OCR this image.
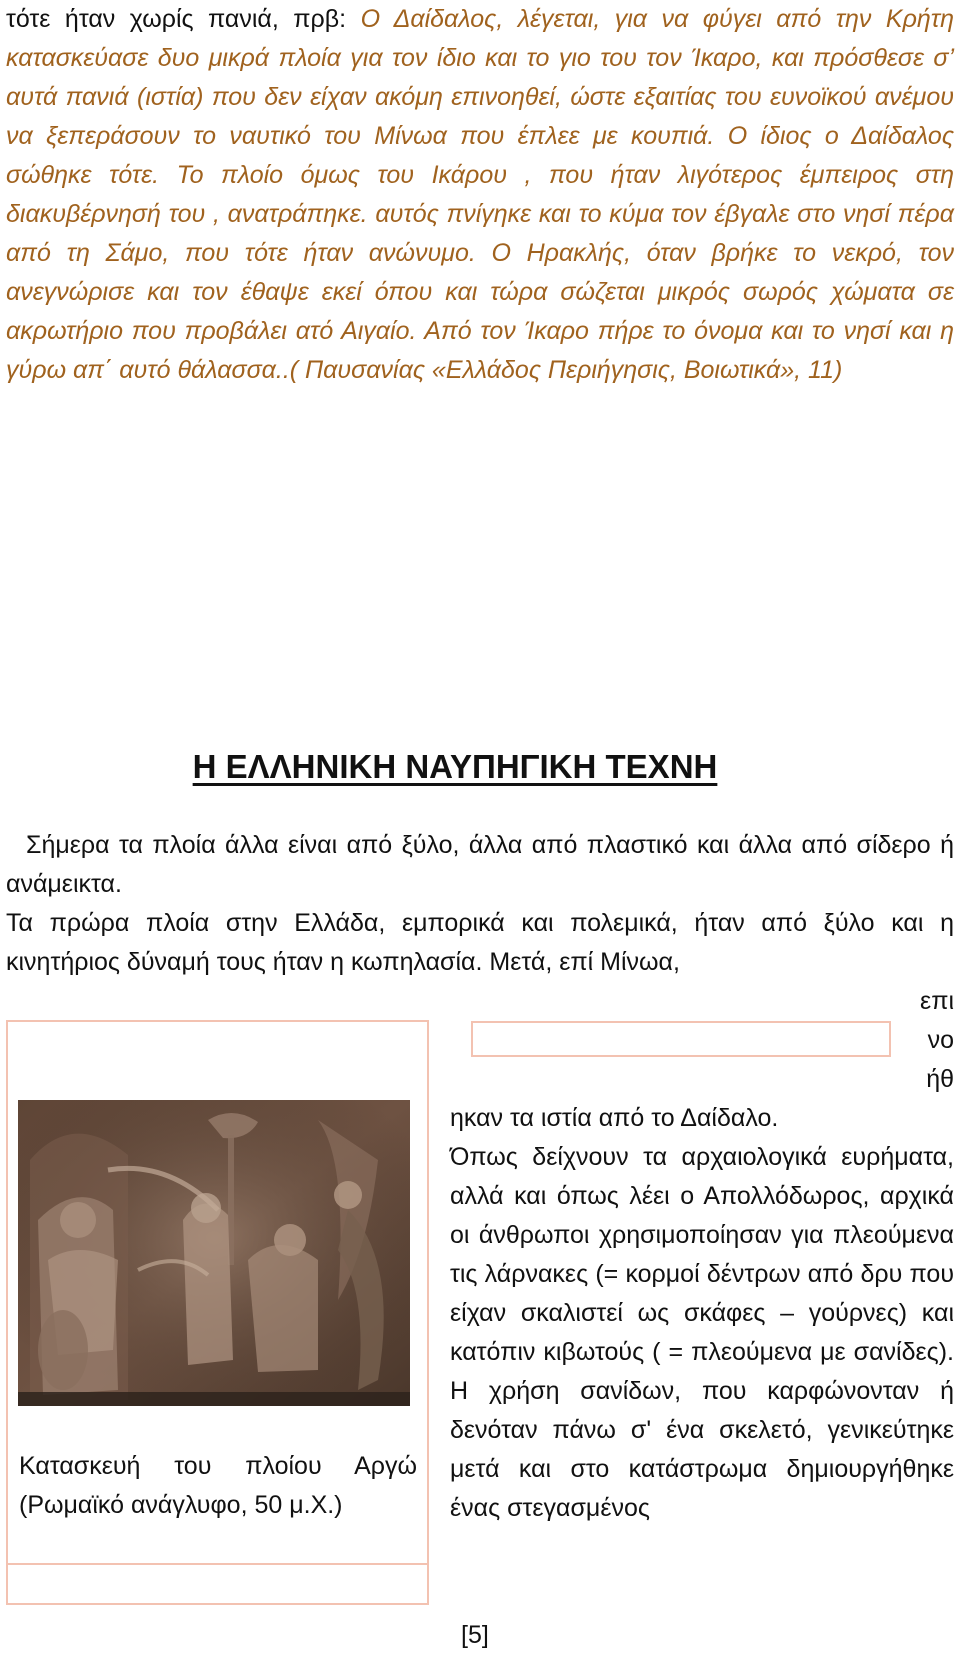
τότε ήταν χωρίς πανιά, πρβ: Ο Δαίδαλος, λέγεται, για να φύγει από την Κρήτη κατασκεύασε δυο μικρά πλοία για τον ίδιο και το γιο του τον Ίκαρο, και πρόσθεσε σ’ αυτά πανιά (ιστία) που δεν είχαν ακόμη επινοηθεί, ώστε εξαιτίας του ευνοϊκού ανέμου να ξεπεράσουν το ναυτικό του Μίνωα που έπλεε με κουπιά. Ο ίδιος ο Δαίδαλος σώθηκε τότε. Το πλοίο όμως του Ικάρου , που ήταν λιγότερος έμπειρος στη διακυβέρνησή του , ανατράπηκε. αυτός πνίγηκε και το κύμα τον έβγαλε στο νησί πέρα από τη Σάμο, που τότε ήταν ανώνυμο. Ο Ηρακλής, όταν βρήκε το νεκρό, τον ανεγνώρισε και τον έθαψε εκεί όπου και τώρα σώζεται μικρός σωρός χώματα σε ακρωτήριο που προβάλει ατό Αιγαίο. Από τον Ίκαρο πήρε το όνομα και το νησί και η γύρω απ΄ αυτό θάλασσα..( Παυσανίας «Ελλάδος Περιήγησις, Βοιωτικά», 11)
Η ΕΛΛΗΝΙΚΗ ΝΑΥΠΗΓΙΚΗ ΤΕΧΝΗ

Σήμερα τα πλοία άλλα είναι από ξύλο, άλλα από πλαστικό και άλλα από σίδερο ή ανάμεικτα.

Τα πρώρα πλοία στην Ελλάδα, εμπορικά και πολεμικά, ήταν από ξύλο και η κινητήριος δύναμή τους ήταν η κωπηλασία. Μετά, επί Μίνωα,

επι
νο
ήθ
Κατασκευή του πλοίου Αργώ (Ρωμαϊκό ανάγλυφο, 50 μ.Χ.)

ηκαν τα ιστία από το Δαίδαλο.
Όπως δείχνουν τα αρχαιολογικά ευρήματα, αλλά και όπως λέει ο Απολλόδωρος, αρχικά οι άνθρωποι χρησιμοποίησαν για πλεούμενα τις λάρνακες (= κορμοί δέντρων από δρυ που είχαν σκαλιστεί ως σκάφες – γούρνες) και κατόπιν κιβωτούς ( = πλεούμενα με σανίδες). Η χρήση σανίδων, που καρφώνονταν ή δενόταν πάνω σ' ένα σκελετό, γενικεύτηκε μετά και στο κατάστρωμα δημιουργήθηκε ένας στεγασμένος

[5]
